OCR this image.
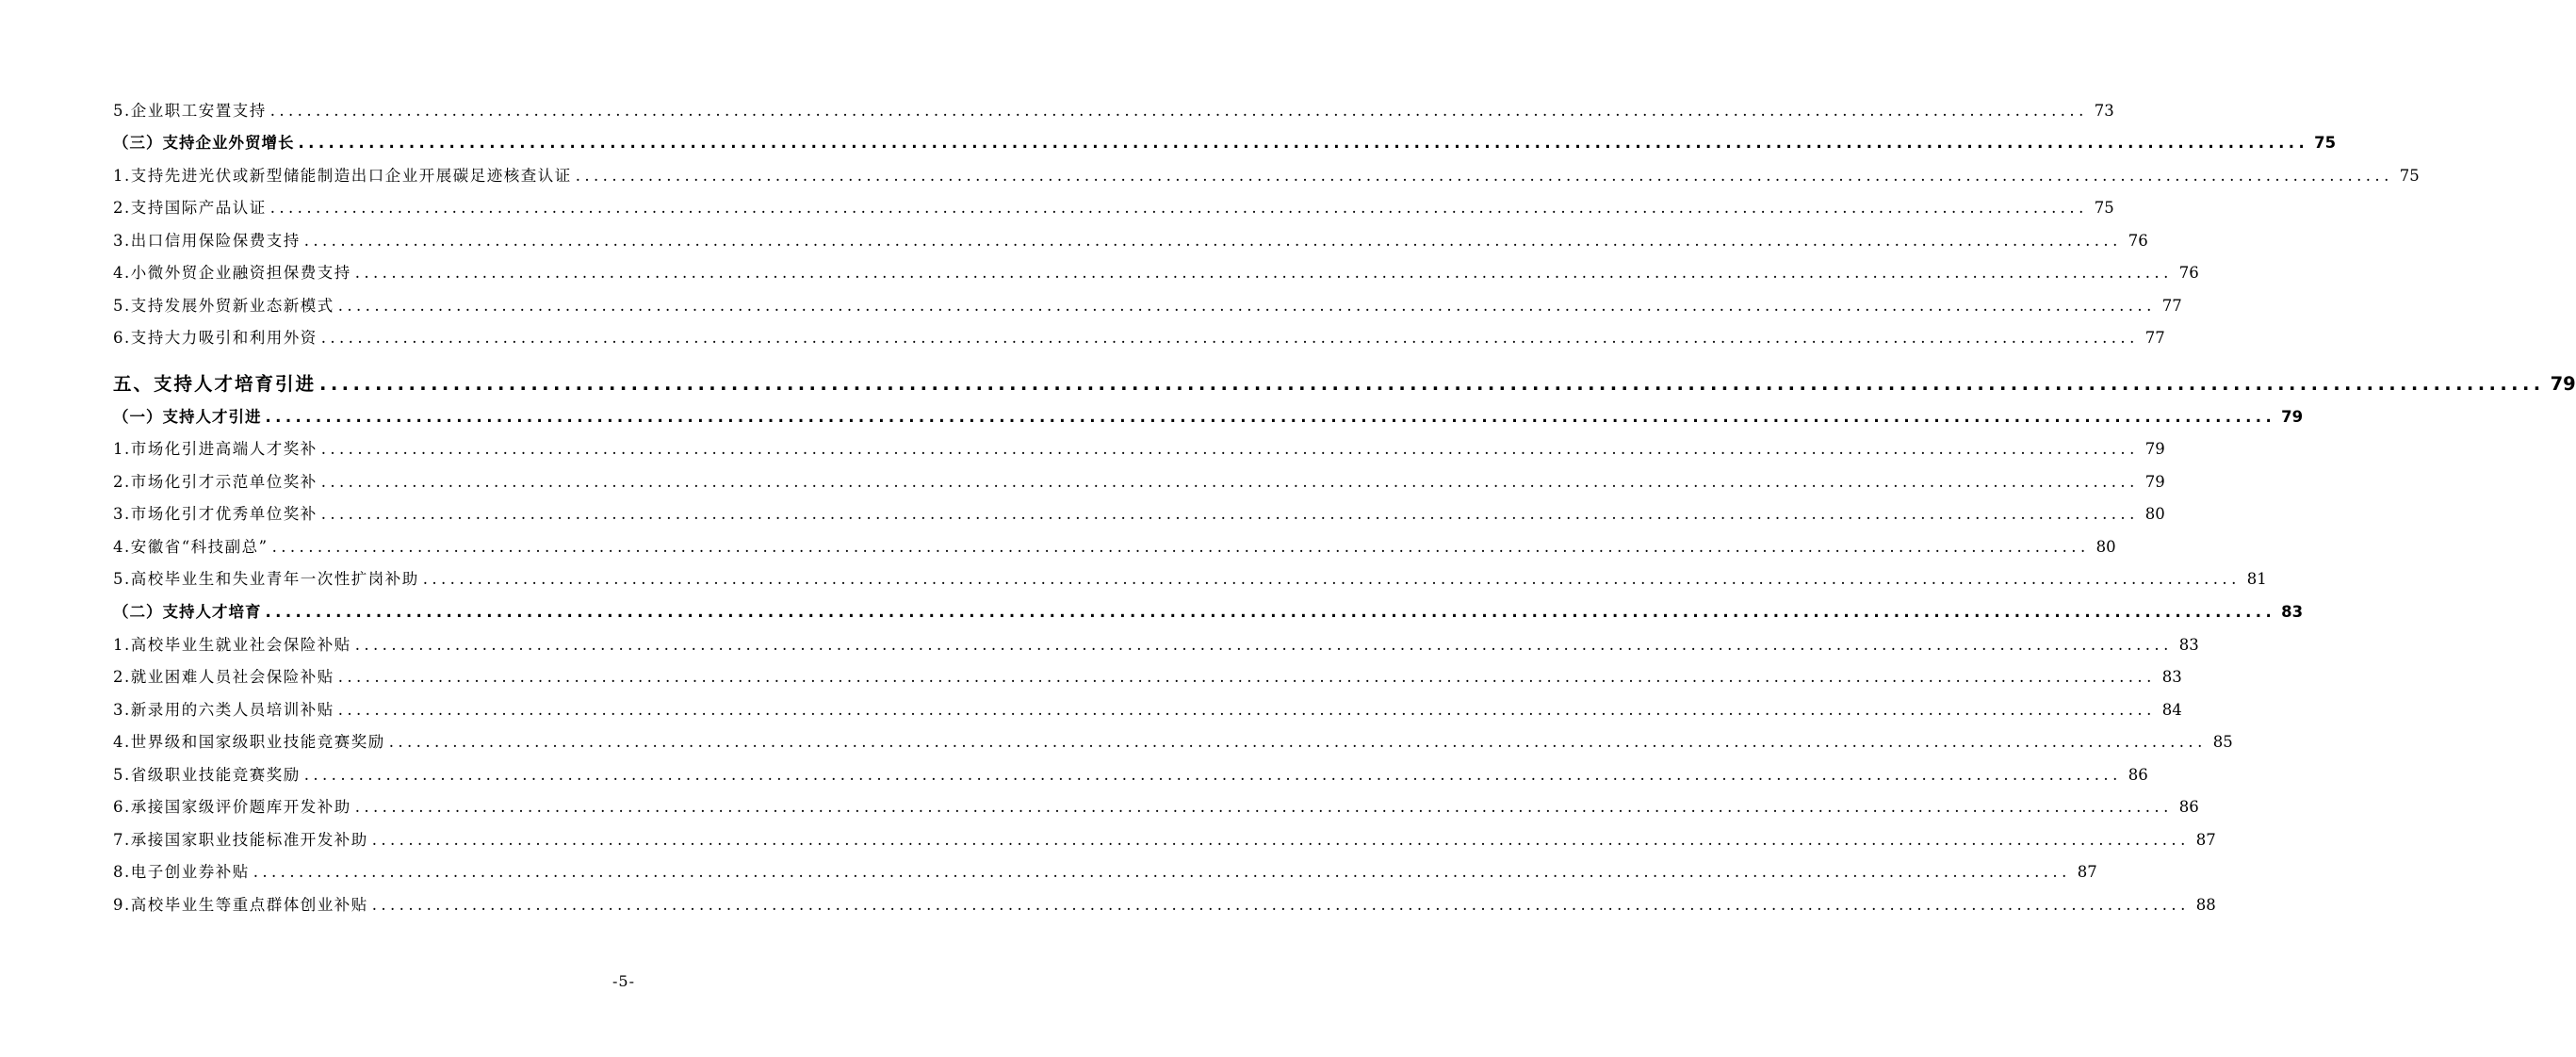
5.企业职工安置支持 ........................................................................................................................................................................................................ 73
（三）支持企业外贸增长 ........................................................................................................................................................................................................ 75
1.支持先进光伏或新型储能制造出口企业开展碳足迹核查认证 ........................................................................................................................................................................................................ 75
2.支持国际产品认证 ........................................................................................................................................................................................................ 75
3.出口信用保险保费支持 ........................................................................................................................................................................................................ 76
4.小微外贸企业融资担保费支持 ........................................................................................................................................................................................................ 76
5.支持发展外贸新业态新模式 ........................................................................................................................................................................................................ 77
6.支持大力吸引和利用外资 ........................................................................................................................................................................................................ 77
五、支持人才培育引进 ........................................................................................................................................................................................................ 79
（一）支持人才引进 ........................................................................................................................................................................................................ 79
1.市场化引进高端人才奖补 ........................................................................................................................................................................................................ 79
2.市场化引才示范单位奖补 ........................................................................................................................................................................................................ 79
3.市场化引才优秀单位奖补 ........................................................................................................................................................................................................ 80
4.安徽省“科技副总” ........................................................................................................................................................................................................ 80
5.高校毕业生和失业青年一次性扩岗补助 ........................................................................................................................................................................................................ 81
（二）支持人才培育 ........................................................................................................................................................................................................ 83
1.高校毕业生就业社会保险补贴 ........................................................................................................................................................................................................ 83
2.就业困难人员社会保险补贴 ........................................................................................................................................................................................................ 83
3.新录用的六类人员培训补贴 ........................................................................................................................................................................................................ 84
4.世界级和国家级职业技能竞赛奖励 ........................................................................................................................................................................................................ 85
5.省级职业技能竞赛奖励 ........................................................................................................................................................................................................ 86
6.承接国家级评价题库开发补助 ........................................................................................................................................................................................................ 86
7.承接国家职业技能标准开发补助 ........................................................................................................................................................................................................ 87
8.电子创业券补贴 ........................................................................................................................................................................................................ 87
9.高校毕业生等重点群体创业补贴 ........................................................................................................................................................................................................ 88
-5-
